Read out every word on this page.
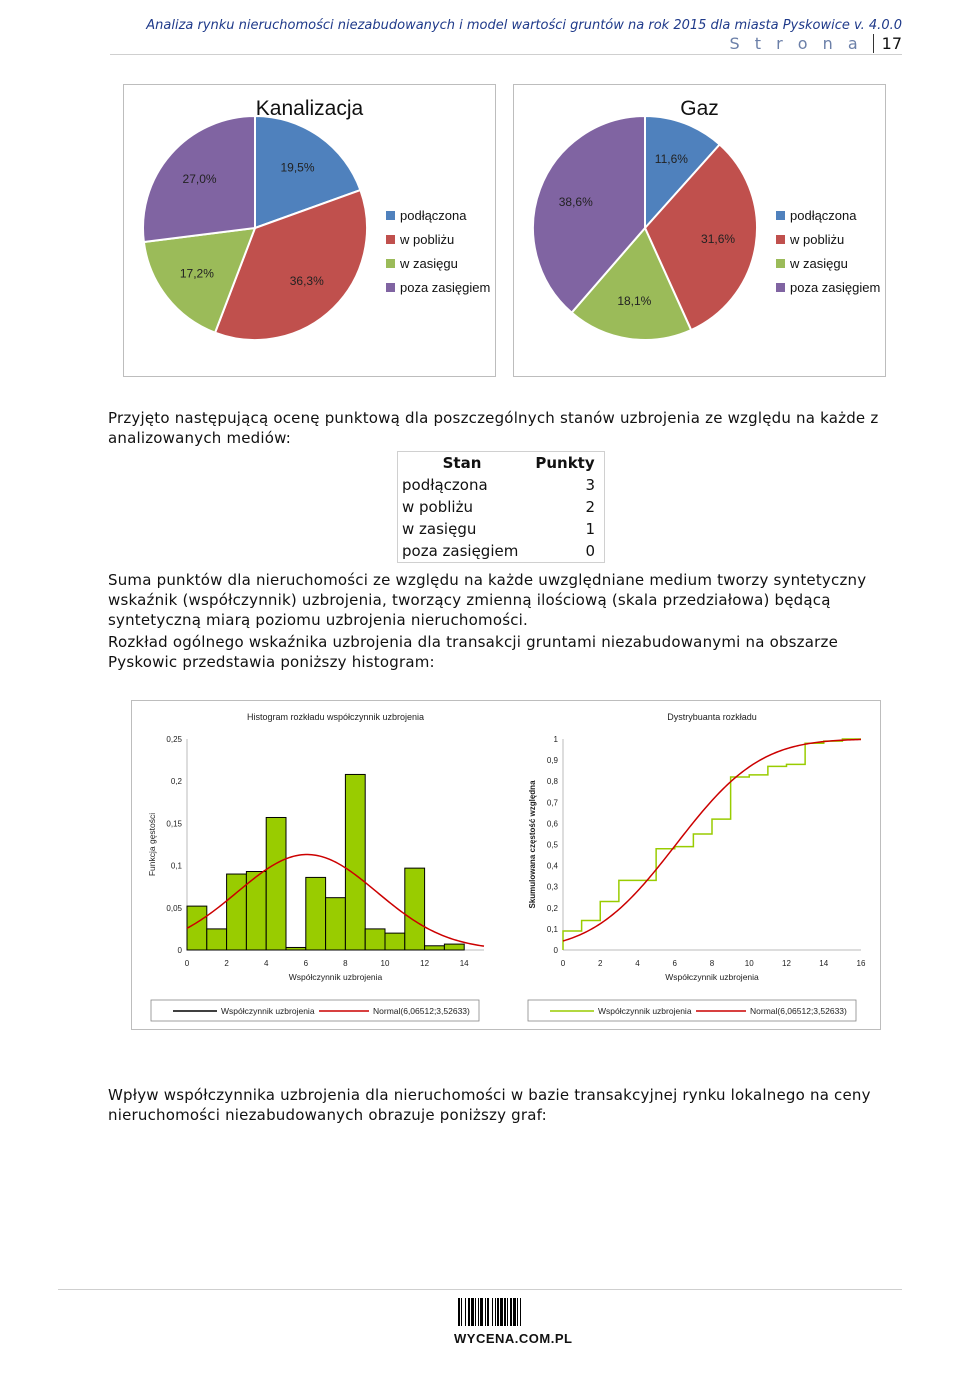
Analiza rynku nieruchomości niezabudowanych i model wartości gruntów na rok 2015 dla miasta Pyskowice v. 4.0.0
S t r o n a	17
Kanalizacja
19,5%
36,3%
17,2%
27,0%
podłączona
w pobliżu
w zasięgu
poza zasięgiem
Gaz
11,6%
31,6%
18,1%
38,6%
podłączona
w pobliżu
w zasięgu
poza zasięgiem
Przyjęto następującą ocenę punktową dla poszczególnych stanów uzbrojenia ze względu na każde z analizowanych mediów:
Stan	Punkty
podłączona	3
w pobliżu	2
w zasięgu	1
poza zasięgiem	0
Suma punktów dla nieruchomości ze względu na każde uwzględniane medium tworzy syntetyczny wskaźnik (współczynnik) uzbrojenia, tworzący zmienną ilościową (skala przedziałowa) będącą syntetyczną miarą poziomu uzbrojenia nieruchomości.
Rozkład ogólnego wskaźnika uzbrojenia dla transakcji gruntami niezabudowanymi na obszarze Pyskowic przedstawia poniższy histogram:
Histogram rozkładu współczynnik uzbrojenia
0
0,05
0,1
0,15
0,2
0,25
0	2	4	6	8	10	12	14
Współczynnik uzbrojenia
Funkcja gęstości
Dystrybuanta rozkładu
0
0,1
0,2
0,3
0,4
0,5
0,6
0,7
0,8
0,9
1
0	2	4	6	8	10	12	14	16
Współczynnik uzbrojenia
Skumulowana częstość względna
Współczynnik uzbrojenia	Normal(6,06512;3,52633)	Współczynnik uzbrojenia	Normal(6,06512;3,52633)
Wpływ współczynnika uzbrojenia dla nieruchomości w bazie transakcyjnej rynku lokalnego na ceny nieruchomości niezabudowanych obrazuje poniższy graf:
WYCENA.COM.PL
